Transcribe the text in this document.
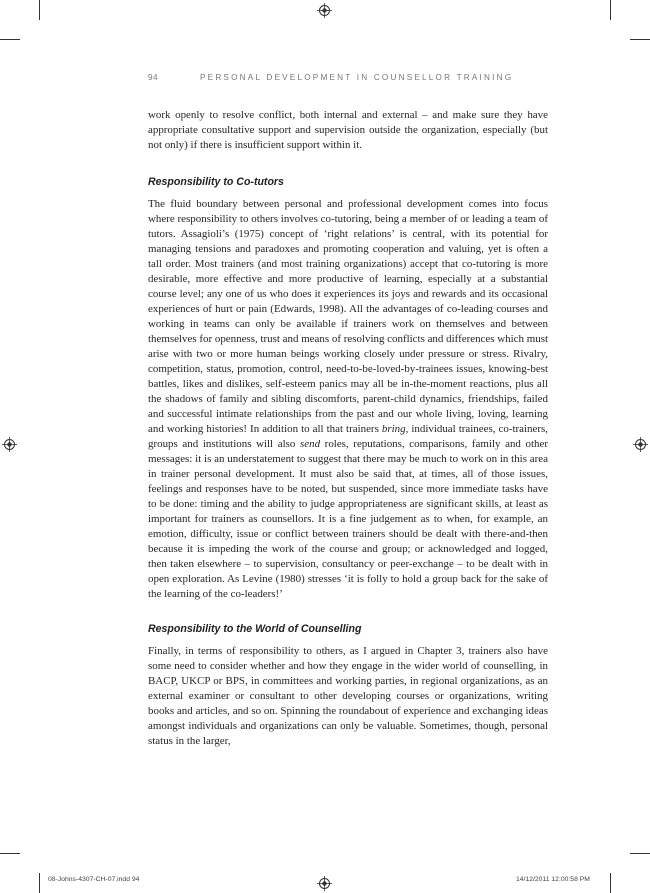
94	PERSONAL DEVELOPMENT IN COUNSELLOR TRAINING

work openly to resolve conflict, both internal and external – and make sure they have appropriate consultative support and supervision outside the organization, especially (but not only) if there is insufficient support within it.

Responsibility to Co-tutors

The fluid boundary between personal and professional development comes into focus where responsibility to others involves co-tutoring, being a member of or leading a team of tutors. Assagioli’s (1975) concept of ‘right relations’ is central, with its potential for managing tensions and paradoxes and promoting cooperation and valuing, yet is often a tall order. Most trainers (and most training organizations) accept that co-tutoring is more desirable, more effective and more productive of learning, especially at a substantial course level; any one of us who does it experiences its joys and rewards and its occasional experiences of hurt or pain (Edwards, 1998). All the advantages of co-leading courses and working in teams can only be available if trainers work on themselves and between themselves for openness, trust and means of resolving conflicts and differences which must arise with two or more human beings working closely under pressure or stress. Rivalry, competition, status, promotion, control, need-to-be-loved-by-trainees issues, knowing-best battles, likes and dislikes, self-esteem panics may all be in-the-moment reactions, plus all the shadows of family and sibling discomforts, parent-child dynamics, friendships, failed and successful intimate relationships from the past and our whole living, loving, learning and working histories! In addition to all that trainers bring, individual trainees, co-trainers, groups and institutions will also send roles, reputations, comparisons, family and other messages: it is an understatement to suggest that there may be much to work on in this area in trainer personal development. It must also be said that, at times, all of those issues, feelings and responses have to be noted, but suspended, since more immediate tasks have to be done: timing and the ability to judge appropriateness are significant skills, at least as important for trainers as counsellors. It is a fine judgement as to when, for example, an emotion, difficulty, issue or conflict between trainers should be dealt with there-and-then because it is impeding the work of the course and group; or acknowledged and logged, then taken elsewhere – to supervision, consultancy or peer-exchange – to be dealt with in open exploration. As Levine (1980) stresses ‘it is folly to hold a group back for the sake of the learning of the co-leaders!’

Responsibility to the World of Counselling

Finally, in terms of responsibility to others, as I argued in Chapter 3, trainers also have some need to consider whether and how they engage in the wider world of counselling, in BACP, UKCP or BPS, in committees and working parties, in regional organizations, as an external examiner or consultant to other developing courses or organizations, writing books and articles, and so on. Spinning the roundabout of experience and exchanging ideas amongst individuals and organizations can only be valuable. Sometimes, though, personal status in the larger,

08-Johns-4307-CH-07.indd 94	14/12/2011 12:00:58 PM
